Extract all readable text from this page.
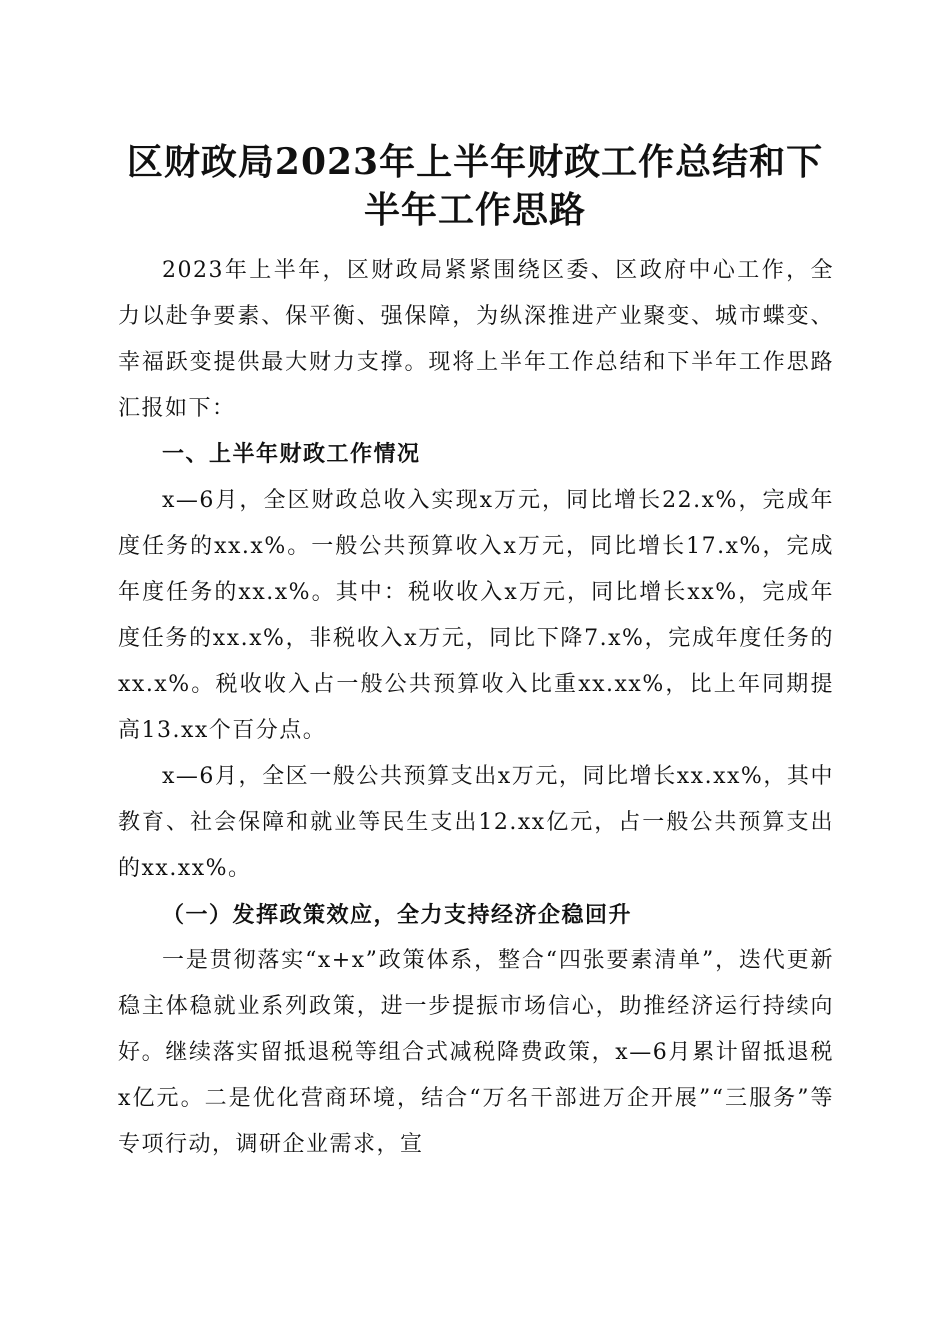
区财政局2023年上半年财政工作总结和下半年工作思路

2023年上半年，区财政局紧紧围绕区委、区政府中心工作，全力以赴争要素、保平衡、强保障，为纵深推进产业聚变、城市蝶变、幸福跃变提供最大财力支撑。现将上半年工作总结和下半年工作思路汇报如下：

一、上半年财政工作情况

x—6月，全区财政总收入实现x万元，同比增长22.x%，完成年度任务的xx.x%。一般公共预算收入x万元，同比增长17.x%，完成年度任务的xx.x%。其中：税收收入x万元，同比增长xx%，完成年度任务的xx.x%，非税收入x万元，同比下降7.x%，完成年度任务的xx.x%。税收收入占一般公共预算收入比重xx.xx%，比上年同期提高13.xx个百分点。

x—6月，全区一般公共预算支出x万元，同比增长xx.xx%，其中教育、社会保障和就业等民生支出12.xx亿元，占一般公共预算支出的xx.xx%。

（一）发挥政策效应，全力支持经济企稳回升

一是贯彻落实“x+x”政策体系，整合“四张要素清单”，迭代更新稳主体稳就业系列政策，进一步提振市场信心，助推经济运行持续向好。继续落实留抵退税等组合式减税降费政策，x—6月累计留抵退税x亿元。二是优化营商环境，结合“万名干部进万企开展”“三服务”等专项行动，调研企业需求，宣
